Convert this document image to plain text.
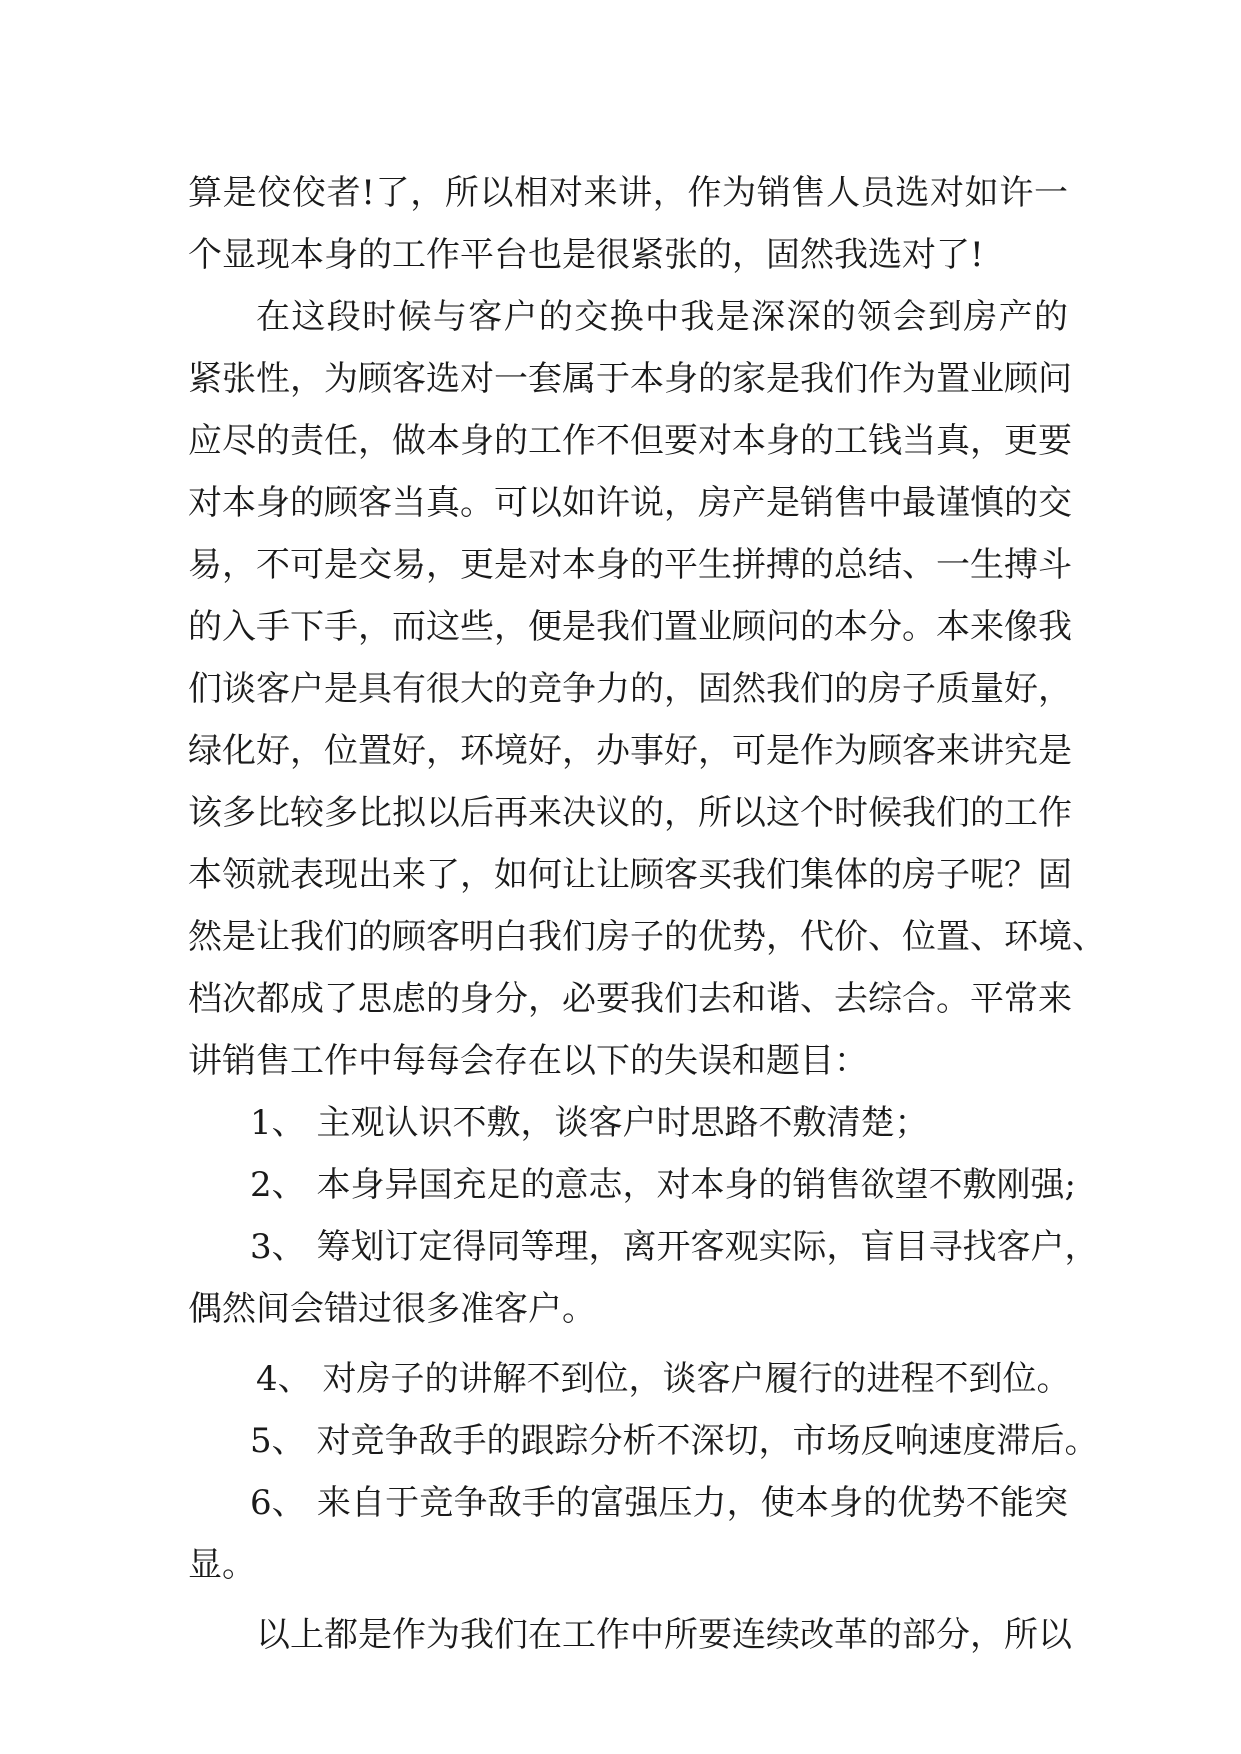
算是佼佼者!了，所以相对来讲，作为销售人员选对如许一
个显现本身的工作平台也是很紧张的，固然我选对了!
在这段时候与客户的交换中我是深深的领会到房产的
紧张性，为顾客选对一套属于本身的家是我们作为置业顾问
应尽的责任，做本身的工作不但要对本身的工钱当真，更要
对本身的顾客当真。可以如许说，房产是销售中最谨慎的交
易，不可是交易，更是对本身的平生拼搏的总结、一生搏斗
的入手下手，而这些，便是我们置业顾问的本分。本来像我
们谈客户是具有很大的竞争力的，固然我们的房子质量好，
绿化好，位置好，环境好，办事好，可是作为顾客来讲究是
该多比较多比拟以后再来决议的，所以这个时候我们的工作
本领就表现出来了，如何让让顾客买我们集体的房子呢？固
然是让我们的顾客明白我们房子的优势，代价、位置、环境、
档次都成了思虑的身分，必要我们去和谐、去综合。平常来
讲销售工作中每每会存在以下的失误和题目：
1、 主观认识不敷，谈客户时思路不敷清楚；
2、 本身异国充足的意志，对本身的销售欲望不敷刚强;
3、 筹划订定得同等理，离开客观实际，盲目寻找客户，
偶然间会错过很多准客户。
4、 对房子的讲解不到位，谈客户履行的进程不到位。
5、 对竞争敌手的跟踪分析不深切，市场反响速度滞后。
6、 来自于竞争敌手的富强压力，使本身的优势不能突
显。
以上都是作为我们在工作中所要连续改革的部分，所以
